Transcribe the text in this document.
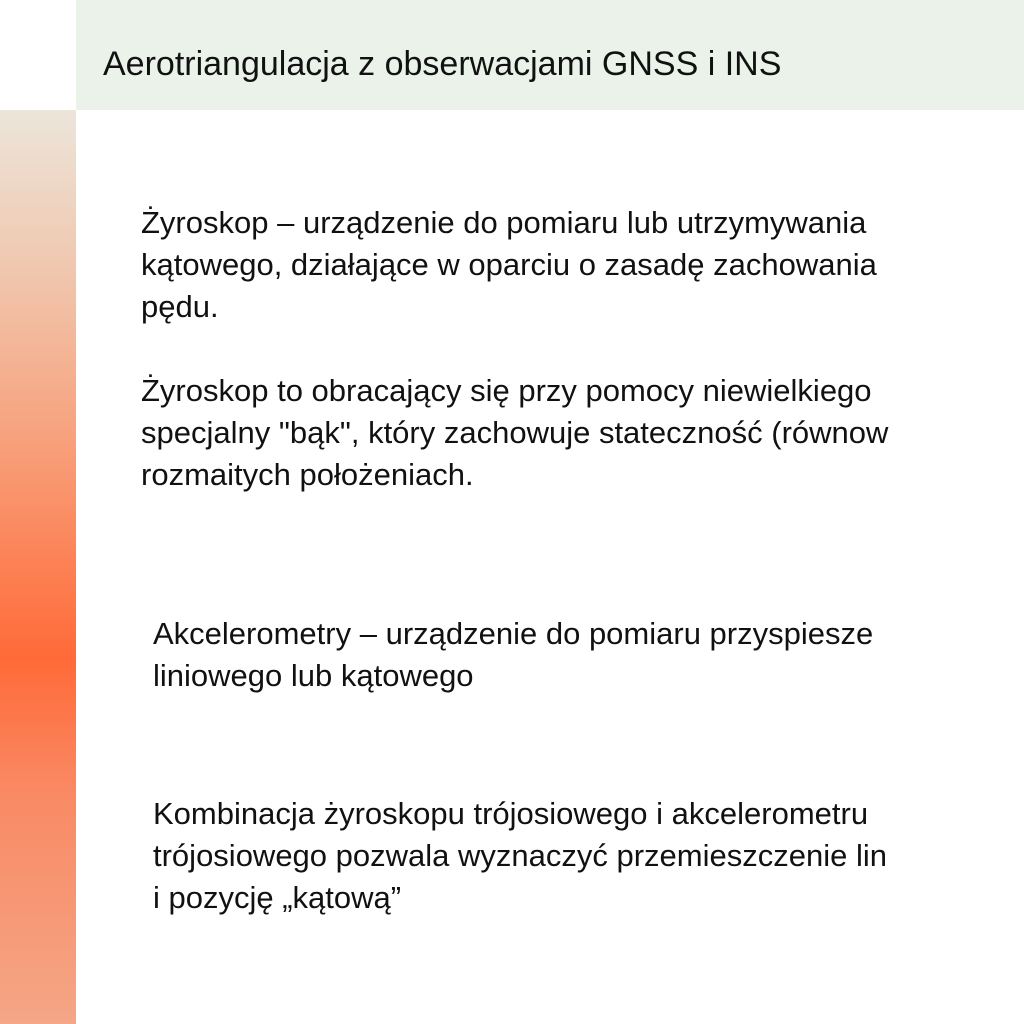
Aerotriangulacja z obserwacjami GNSS i INS

Żyroskop – urządzenie do pomiaru lub utrzymywania
kątowego, działające w oparciu o zasadę zachowania
pędu.

Żyroskop to obracający się przy pomocy niewielkiego
specjalny "bąk", który zachowuje stateczność (równow
rozmaitych położeniach.

Akcelerometry – urządzenie do pomiaru przyspiesze
liniowego lub kątowego

Kombinacja żyroskopu trójosiowego i akcelerometru
trójosiowego pozwala wyznaczyć przemieszczenie lin
i pozycję „kątową”
